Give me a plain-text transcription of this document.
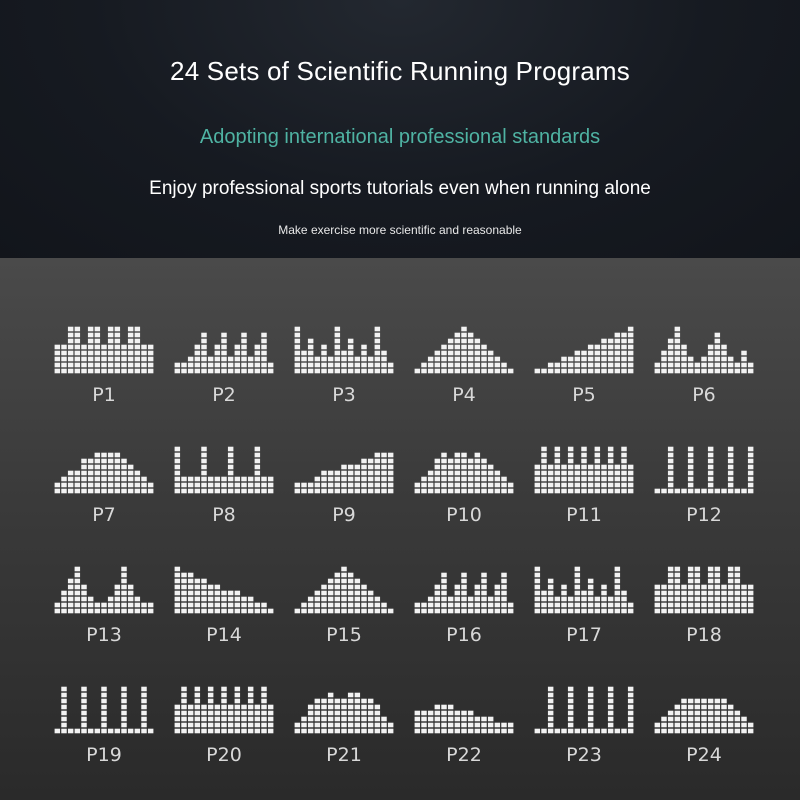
24 Sets of Scientific Running Programs
Adopting international professional standards
Enjoy professional sports tutorials even when running alone
Make exercise more scientific and reasonable
P1	P2	P3	P4	P5	P6
P7	P8	P9	P10	P11	P12
P13	P14	P15	P16	P17	P18
P19	P20	P21	P22	P23	P24
